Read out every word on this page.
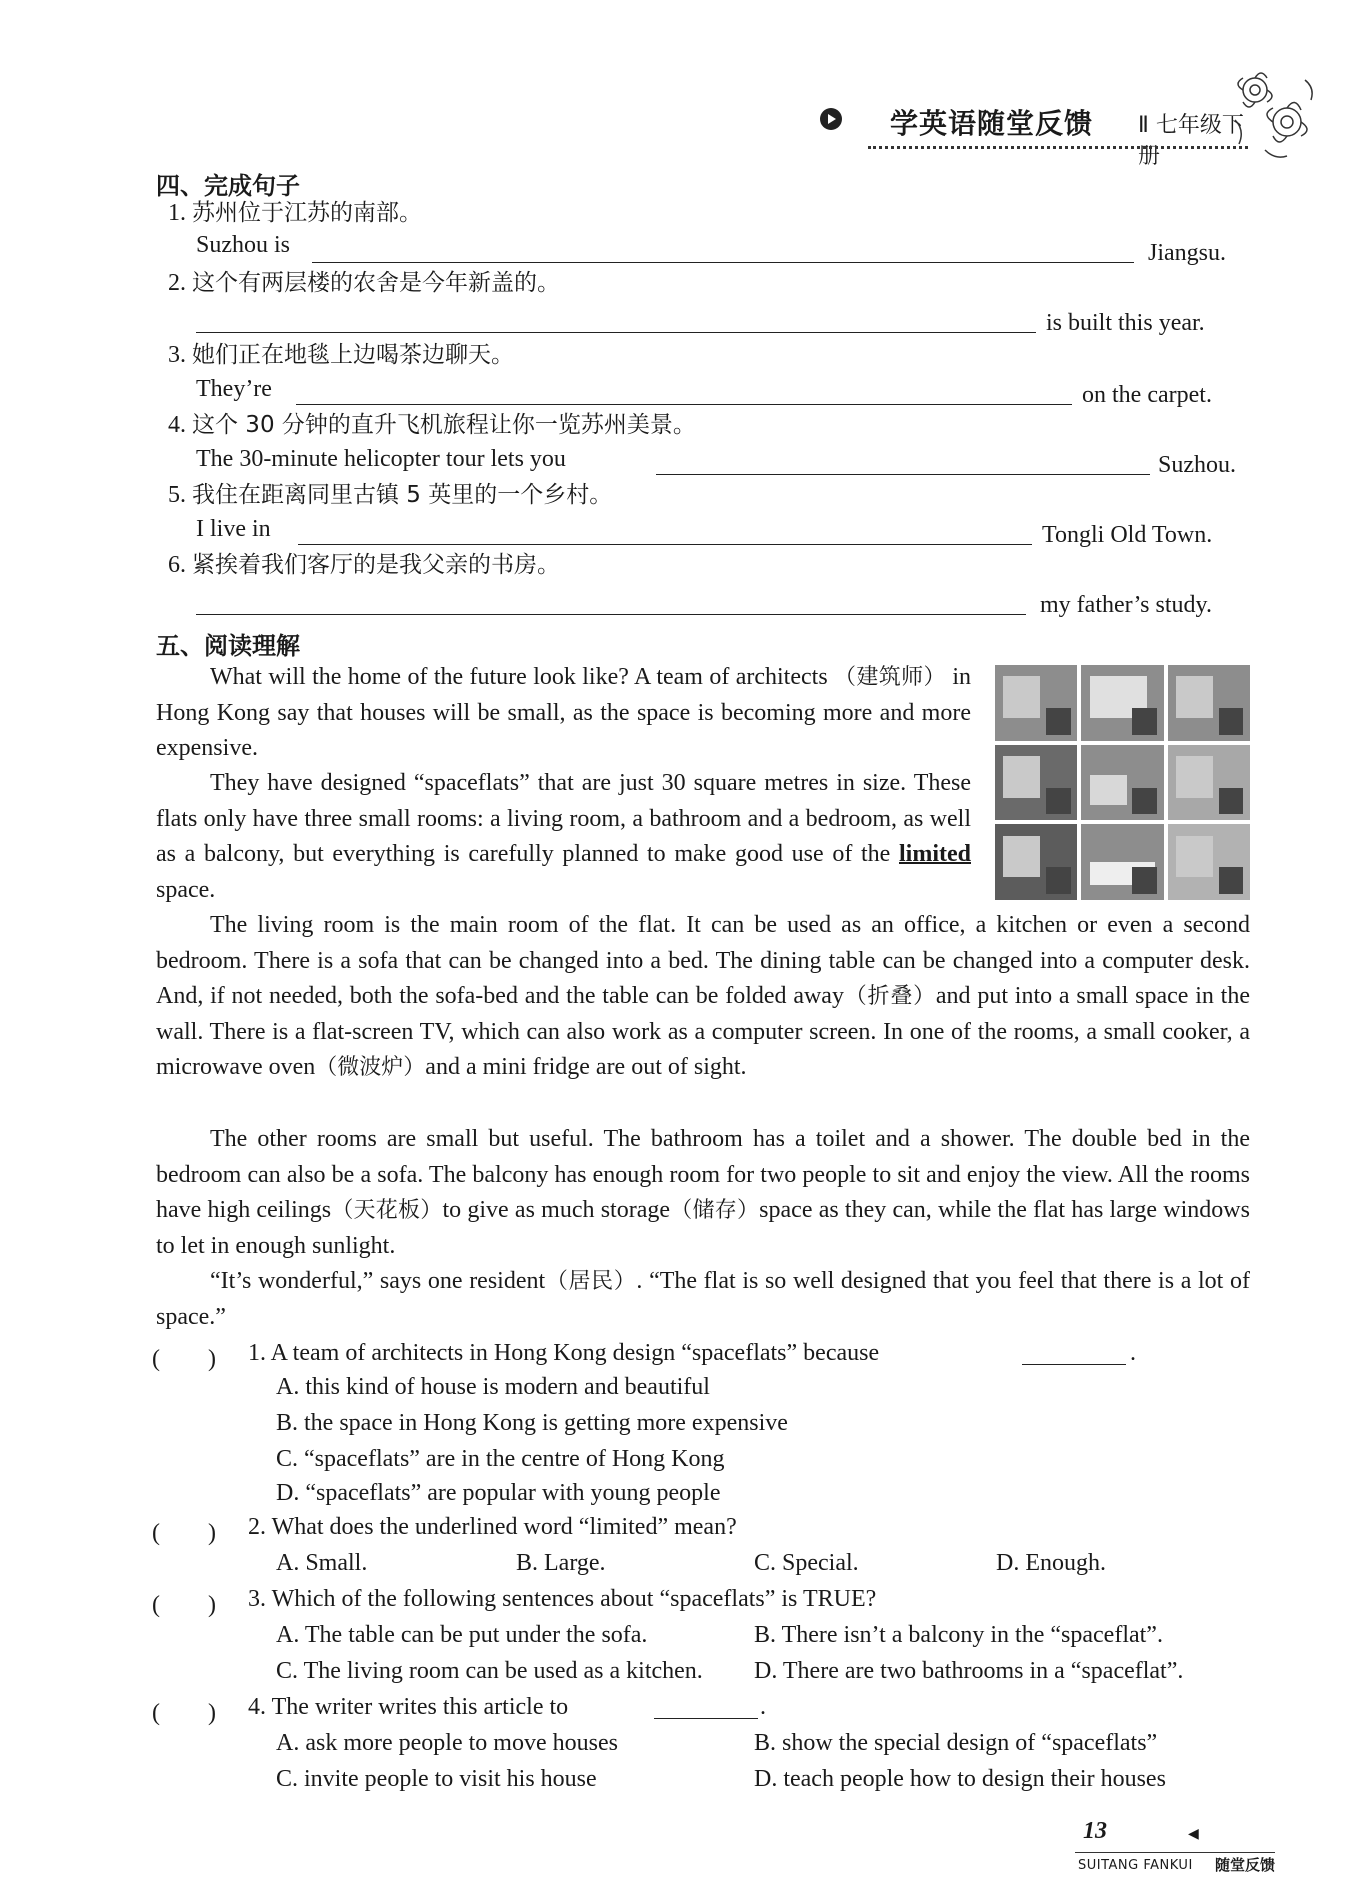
学英语随堂反馈 Ⅱ 七年级下册
四、完成句子
1. 苏州位于江苏的南部。
Suzhou is	Jiangsu.
2. 这个有两层楼的农舍是今年新盖的。
is built this year.
3. 她们正在地毯上边喝茶边聊天。
They’re	on the carpet.
4. 这个 30 分钟的直升飞机旅程让你一览苏州美景。
The 30-minute helicopter tour lets you	Suzhou.
5. 我住在距离同里古镇 5 英里的一个乡村。
I live in	Tongli Old Town.
6. 紧挨着我们客厅的是我父亲的书房。
my father’s study.
五、阅读理解
What will the home of the future look like? A team of architects （建筑师） in Hong Kong say that houses will be small, as the space is becoming more and more expensive.
They have designed “spaceflats” that are just 30 square metres in size. These flats only have three small rooms: a living room, a bathroom and a bedroom, as well as a balcony, but everything is carefully planned to make good use of the limited space.
The living room is the main room of the flat. It can be used as an office, a kitchen or even a second bedroom. There is a sofa that can be changed into a bed. The dining table can be changed into a computer desk. And, if not needed, both the sofa-bed and the table can be folded away（折叠）and put into a small space in the wall. There is a flat-screen TV, which can also work as a computer screen. In one of the rooms, a small cooker, a microwave oven（微波炉）and a mini fridge are out of sight.
The other rooms are small but useful. The bathroom has a toilet and a shower. The double bed in the bedroom can also be a sofa. The balcony has enough room for two people to sit and enjoy the view. All the rooms have high ceilings（天花板）to give as much storage（储存）space as they can, while the flat has large windows to let in enough sunlight.
“It’s wonderful,” says one resident（居民）. “The flat is so well designed that you feel that there is a lot of space.”
(　　) 1. A team of architects in Hong Kong design “spaceflats” because	.
A. this kind of house is modern and beautiful
B. the space in Hong Kong is getting more expensive
C. “spaceflats” are in the centre of Hong Kong
D. “spaceflats” are popular with young people
(　　) 2. What does the underlined word “limited” mean?
A. Small.	B. Large.	C. Special.	D. Enough.
(　　) 3. Which of the following sentences about “spaceflats” is TRUE?
A. The table can be put under the sofa.	B. There isn’t a balcony in the “spaceflat”.
C. The living room can be used as a kitchen. D. There are two bathrooms in a “spaceflat”.
(　　) 4. The writer writes this article to	.
A. ask more people to move houses	B. show the special design of “spaceflats”
C. invite people to visit his house	D. teach people how to design their houses
13	◀
SUITANG FANKUI 随堂反馈
